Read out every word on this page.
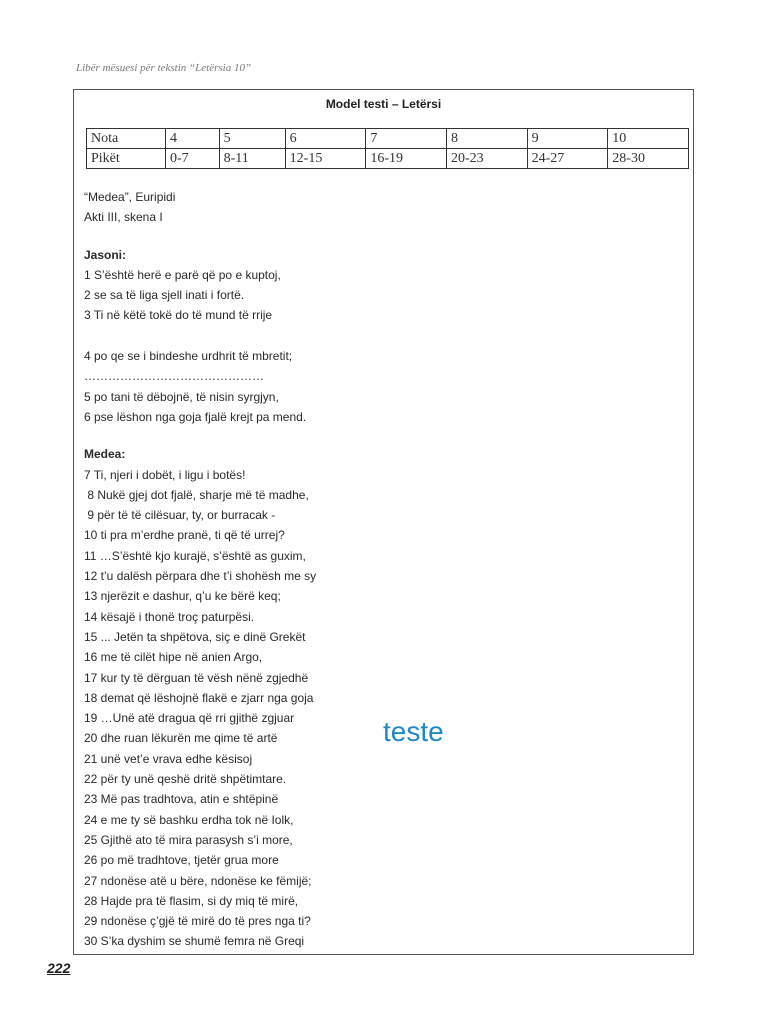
Libër mësuesi për tekstin “Letërsia 10”
Model testi – Letërsi
Nota	4	5	6	7	8	9	10
Pikët	0-7	8-11	12-15	16-19	20-23	24-27	28-30
“Medea”, Euripidi
Akti III, skena I
Jasoni:
1 S’është herë e parë që po e kuptoj,
2 se sa të liga sjell inati i fortë.
3 Ti në këtë tokë do të mund të rrije
4 po qe se i bindeshe urdhrit të mbretit;
………………………………………
5 po tani të dëbojnë, të nisin syrgjyn,
6 pse lëshon nga goja fjalë krejt pa mend.
Medea:
7 Ti, njeri i dobët, i ligu i botës!
8 Nukë gjej dot fjalë, sharje më të madhe,
9 për të të cilësuar, ty, or burracak -
10 ti pra m’erdhe pranë, ti që të urrej?
11 …S’është kjo kurajë, s’është as guxim,
12 t’u dalësh përpara dhe t’i shohësh me sy
13 njerëzit e dashur, q’u ke bërë keq;
14 kësajë i thonë troç paturpësi.
15 ... Jetën ta shpëtova, siç e dinë Grekët
16 me të cilët hipe në anien Argo,
17 kur ty të dërguan të vësh nënë zgjedhë
18 demat që lëshojnë flakë e zjarr nga goja
19 …Unë atë dragua që rri gjithë zgjuar
20 dhe ruan lëkurën me qime të artë
21 unë vet’e vrava edhe kësisoj
22 për ty unë qeshë dritë shpëtimtare.
23 Më pas tradhtova, atin e shtëpinë
24 e me ty së bashku erdha tok në Iolk,
25 Gjithë ato të mira parasysh s’i more,
26 po më tradhtove, tjetër grua more
27 ndonëse atë u bëre, ndonëse ke fëmijë;
28 Hajde pra të flasim, si dy miq të mirë,
29 ndonëse ç’gjë të mirë do të pres nga ti?
30 S’ka dyshim se shumë femra në Greqi
teste
222
